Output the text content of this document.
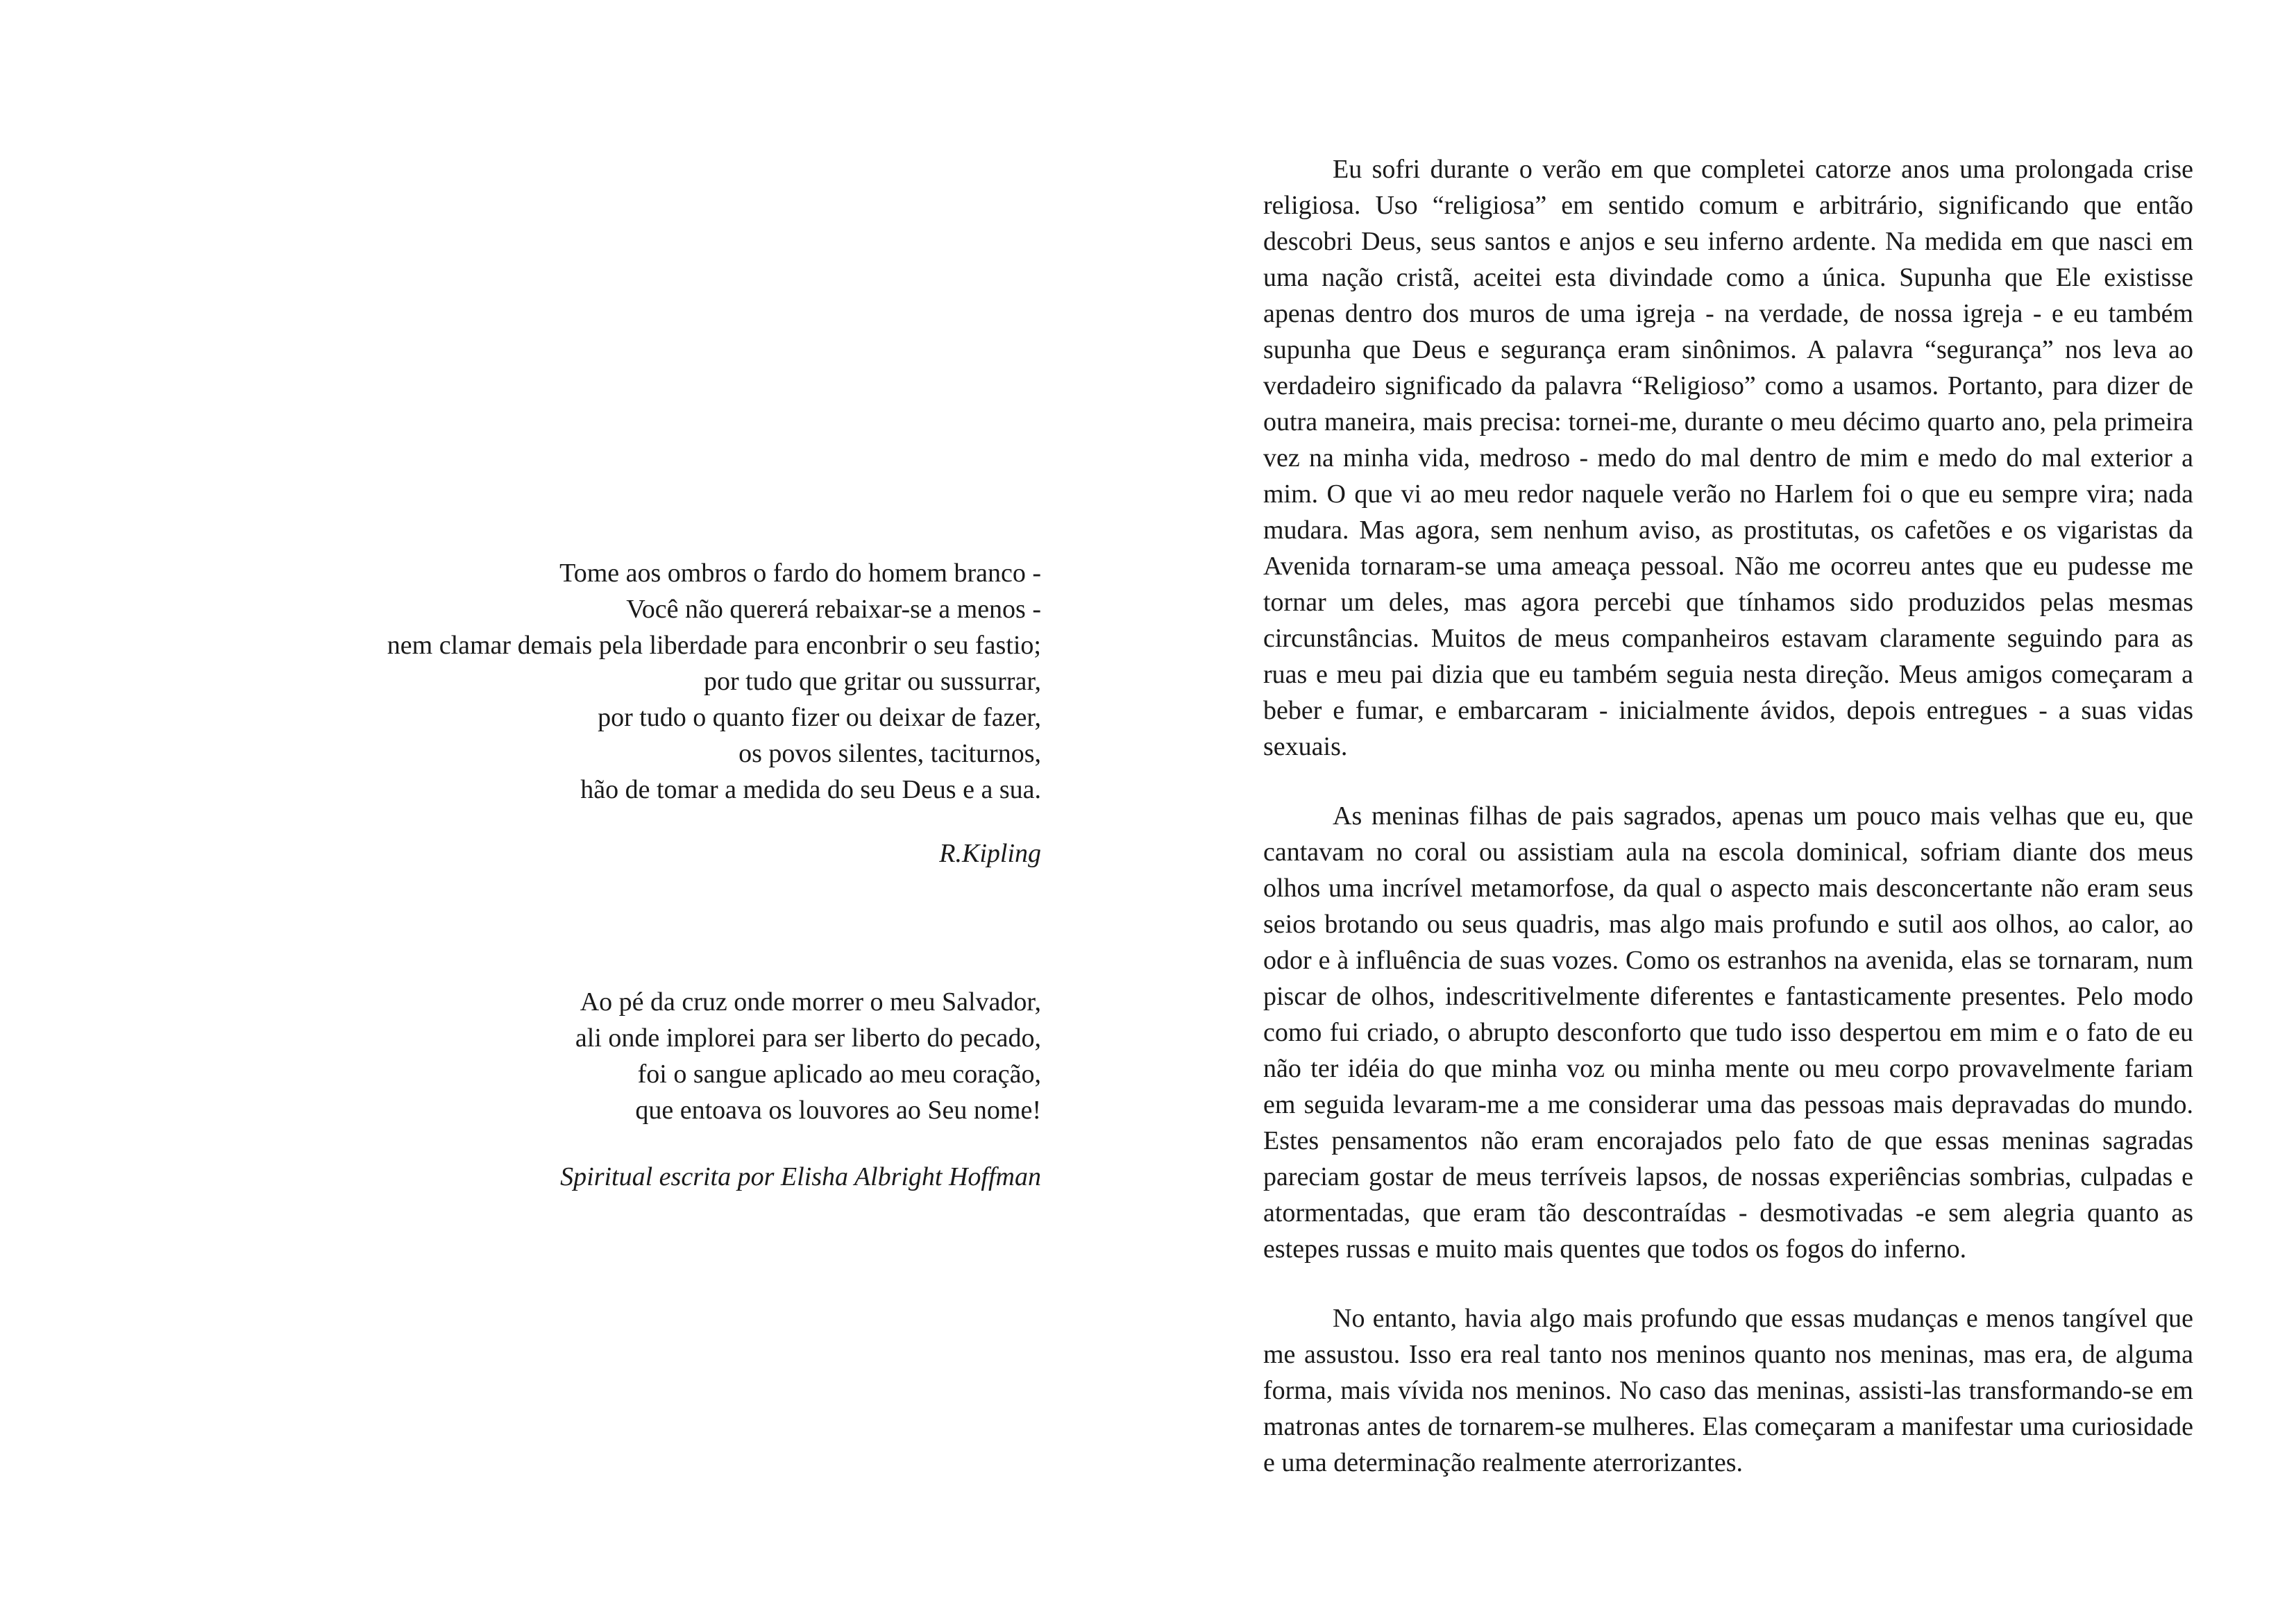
Tome aos ombros o fardo do homem branco -
Você não quererá rebaixar-se a menos -
nem clamar demais pela liberdade para enconbrir o seu fastio;
por tudo que gritar ou sussurrar,
por tudo o quanto fizer ou deixar de fazer,
os povos silentes, taciturnos,
hão de tomar a medida do seu Deus e a sua.
R.Kipling
Ao pé da cruz onde morrer o meu Salvador,
ali onde implorei para ser liberto do pecado,
foi o sangue aplicado ao meu coração,
que entoava os louvores ao Seu nome!
Spiritual escrita por Elisha Albright Hoffman

Eu sofri durante o verão em que completei catorze anos uma prolongada crise religiosa. Uso “religiosa” em sentido comum e arbitrário, significando que então descobri Deus, seus santos e anjos e seu inferno ardente. Na medida em que nasci em uma nação cristã, aceitei esta divindade como a única. Supunha que Ele existisse apenas dentro dos muros de uma igreja - na verdade, de nossa igreja - e eu também supunha que Deus e segurança eram sinônimos. A palavra “segurança” nos leva ao verdadeiro significado da palavra “Religioso” como a usamos. Portanto, para dizer de outra maneira, mais precisa: tornei-me, durante o meu décimo quarto ano, pela primeira vez na minha vida, medroso - medo do mal dentro de mim e medo do mal exterior a mim. O que vi ao meu redor naquele verão no Harlem foi o que eu sempre vira; nada mudara. Mas agora, sem nenhum aviso, as prostitutas, os cafetões e os vigaristas da Avenida tornaram-se uma ameaça pessoal. Não me ocorreu antes que eu pudesse me tornar um deles, mas agora percebi que tínhamos sido produzidos pelas mesmas circunstâncias. Muitos de meus companheiros estavam claramente seguindo para as ruas e meu pai dizia que eu também seguia nesta direção. Meus amigos começaram a beber e fumar, e embarcaram - inicialmente ávidos, depois entregues - a suas vidas sexuais.

As meninas filhas de pais sagrados, apenas um pouco mais velhas que eu, que cantavam no coral ou assistiam aula na escola dominical, sofriam diante dos meus olhos uma incrível metamorfose, da qual o aspecto mais desconcertante não eram seus seios brotando ou seus quadris, mas algo mais profundo e sutil aos olhos, ao calor, ao odor e à influência de suas vozes. Como os estranhos na avenida, elas se tornaram, num piscar de olhos, indescritivelmente diferentes e fantasticamente presentes. Pelo modo como fui criado, o abrupto desconforto que tudo isso despertou em mim e o fato de eu não ter idéia do que minha voz ou minha mente ou meu corpo provavelmente fariam em seguida levaram-me a me considerar uma das pessoas mais depravadas do mundo. Estes pensamentos não eram encorajados pelo fato de que essas meninas sagradas pareciam gostar de meus terríveis lapsos, de nossas experiências sombrias, culpadas e atormentadas, que eram tão descontraídas - desmotivadas -e sem alegria quanto as estepes russas e muito mais quentes que todos os fogos do inferno.

No entanto, havia algo mais profundo que essas mudanças e menos tangível que me assustou. Isso era real tanto nos meninos quanto nos meninas, mas era, de alguma forma, mais vívida nos meninos. No caso das meninas, assisti-las transformando-se em matronas antes de tornarem-se mulheres. Elas começaram a manifestar uma curiosidade e uma determinação realmente aterrorizantes.
